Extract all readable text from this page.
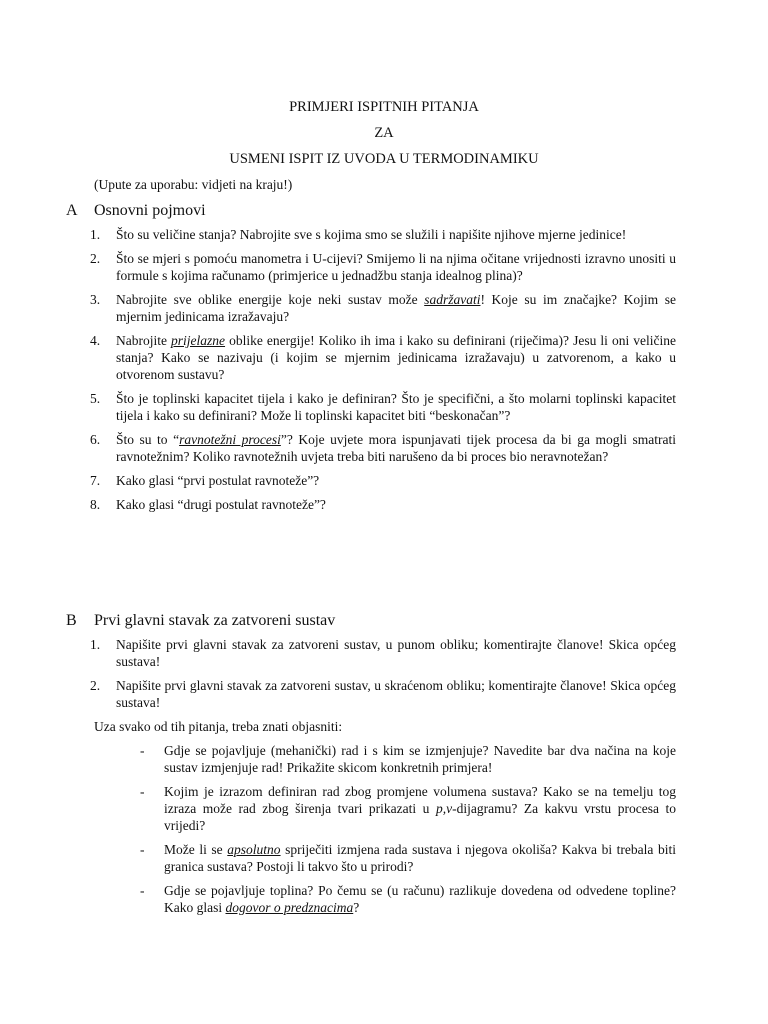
PRIMJERI ISPITNIH PITANJA
ZA
USMENI ISPIT IZ UVODA U TERMODINAMIKU
(Upute za uporabu: vidjeti na kraju!)
A Osnovni pojmovi
1.	Što su veličine stanja? Nabrojite sve s kojima smo se služili i napišite njihove mjerne jedinice!
2.	Što se mjeri s pomoću manometra i U-cijevi? Smijemo li na njima očitane vrijednosti izravno unositi u formule s kojima računamo (primjerice u jednadžbu stanja idealnog plina)?
3.	Nabrojite sve oblike energije koje neki sustav može sadržavati! Koje su im značajke? Kojim se mjernim jedinicama izražavaju?
4.	Nabrojite prijelazne oblike energije! Koliko ih ima i kako su definirani (riječima)? Jesu li oni veličine stanja? Kako se nazivaju (i kojim se mjernim jedinicama izražavaju) u zatvorenom, a kako u otvorenom sustavu?
5.	Što je toplinski kapacitet tijela i kako je definiran? Što je specifični, a što molarni toplinski kapacitet tijela i kako su definirani? Može li toplinski kapacitet biti “beskonačan”?
6.	Što su to “ravnotežni procesi”? Koje uvjete mora ispunjavati tijek procesa da bi ga mogli smatrati ravnotežnim? Koliko ravnotežnih uvjeta treba biti narušeno da bi proces bio neravnotežan?
7.	Kako glasi “prvi postulat ravnoteže”?
8.	Kako glasi “drugi postulat ravnoteže”?
B Prvi glavni stavak za zatvoreni sustav
1.	Napišite prvi glavni stavak za zatvoreni sustav, u punom obliku; komentirajte članove! Skica općeg sustava!
2.	Napišite prvi glavni stavak za zatvoreni sustav, u skraćenom obliku; komentirajte članove! Skica općeg sustava!
Uza svako od tih pitanja, treba znati objasniti:
-	Gdje se pojavljuje (mehanički) rad i s kim se izmjenjuje? Navedite bar dva načina na koje sustav izmjenjuje rad! Prikažite skicom konkretnih primjera!
-	Kojim je izrazom definiran rad zbog promjene volumena sustava? Kako se na temelju tog izraza može rad zbog širenja tvari prikazati u p,v-dijagramu? Za kakvu vrstu procesa to vrijedi?
-	Može li se apsolutno spriječiti izmjena rada sustava i njegova okoliša? Kakva bi trebala biti granica sustava? Postoji li takvo što u prirodi?
-	Gdje se pojavljuje toplina? Po čemu se (u računu) razlikuje dovedena od odvedene topline? Kako glasi dogovor o predznacima?
